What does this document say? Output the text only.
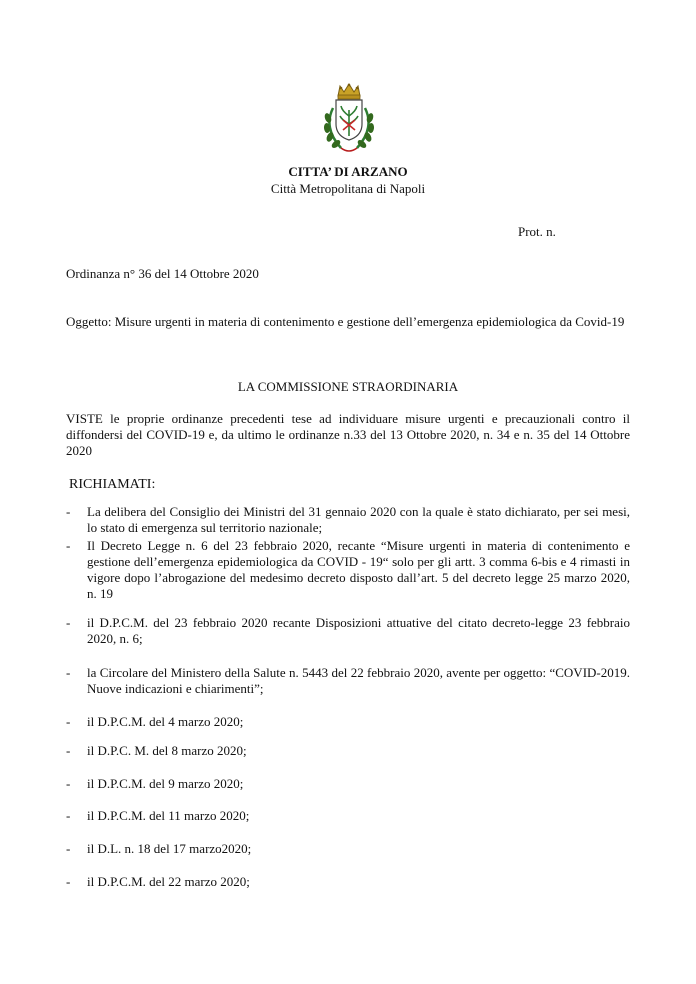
CITTA’ DI ARZANO
Città Metropolitana di Napoli
Prot. n.
Ordinanza n° 36 del 14 Ottobre 2020
Oggetto: Misure urgenti in materia di contenimento e gestione dell’emergenza epidemiologica da Covid-19
LA COMMISSIONE STRAORDINARIA
VISTE le proprie ordinanze precedenti tese ad individuare misure urgenti e precauzionali contro il diffondersi del COVID-19 e, da ultimo le ordinanze n.33 del 13 Ottobre 2020, n. 34 e n. 35 del 14 Ottobre 2020
RICHIAMATI:
- La delibera del Consiglio dei Ministri del 31 gennaio 2020 con la quale è stato dichiarato, per sei mesi, lo stato di emergenza sul territorio nazionale;
- Il Decreto Legge n. 6 del 23 febbraio 2020, recante “Misure urgenti in materia di contenimento e gestione dell’emergenza epidemiologica da COVID - 19“ solo per gli artt. 3 comma 6-bis e 4 rimasti in vigore dopo l’abrogazione del medesimo decreto disposto dall’art. 5 del decreto legge 25 marzo 2020, n. 19
- il D.P.C.M. del 23 febbraio 2020 recante Disposizioni attuative del citato decreto-legge 23 febbraio 2020, n. 6;
- la Circolare del Ministero della Salute n. 5443 del 22 febbraio 2020, avente per oggetto: “COVID-2019. Nuove indicazioni e chiarimenti”;
- il D.P.C.M. del 4 marzo 2020;
- il D.P.C. M. del 8 marzo 2020;
- il D.P.C.M. del 9 marzo 2020;
- il D.P.C.M. del 11 marzo 2020;
- il D.L. n. 18 del 17 marzo2020;
- il D.P.C.M. del 22 marzo 2020;
